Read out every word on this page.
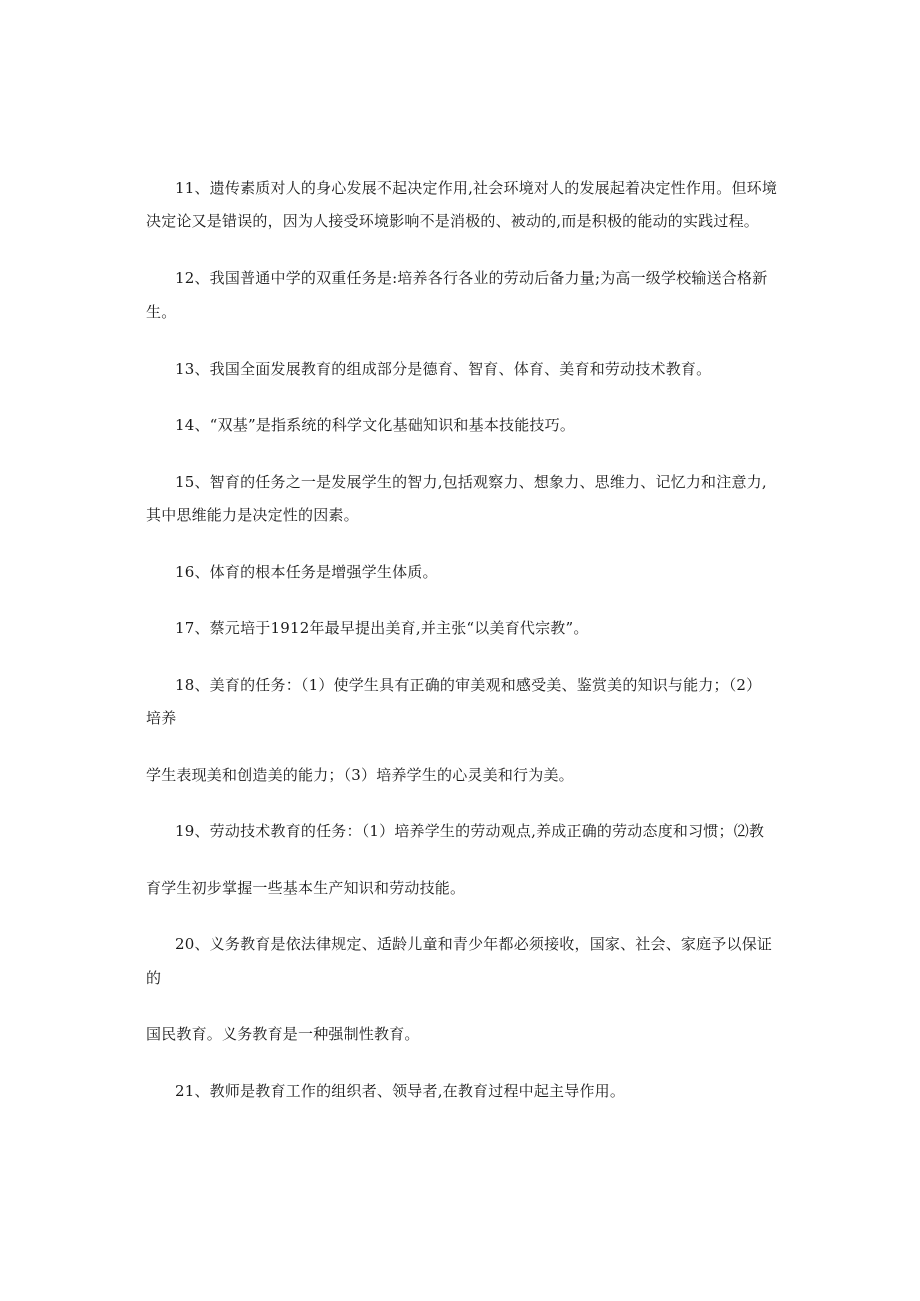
11、遗传素质对人的身心发展不起决定作用,社会环境对人的发展起着决定性作用。但环境

决定论又是错误的，因为人接受环境影响不是消极的、被动的,而是积极的能动的实践过程。

12、我国普通中学的双重任务是:培养各行各业的劳动后备力量;为高一级学校输送合格新

生。

13、我国全面发展教育的组成部分是德育、智育、体育、美育和劳动技术教育。

14、“双基”是指系统的科学文化基础知识和基本技能技巧。

15、智育的任务之一是发展学生的智力,包括观察力、想象力、思维力、记忆力和注意力,

其中思维能力是决定性的因素。

16、体育的根本任务是增强学生体质。

17、蔡元培于1912年最早提出美育,并主张“以美育代宗教”。

18、美育的任务：（1）使学生具有正确的审美观和感受美、鉴赏美的知识与能力；（2）

培养

学生表现美和创造美的能力；（3）培养学生的心灵美和行为美。

19、劳动技术教育的任务：（1）培养学生的劳动观点,养成正确的劳动态度和习惯；⑵教

育学生初步掌握一些基本生产知识和劳动技能。

20、义务教育是依法律规定、适龄儿童和青少年都必须接收，国家、社会、家庭予以保证

的

国民教育。义务教育是一种强制性教育。

21、教师是教育工作的组织者、领导者,在教育过程中起主导作用。
